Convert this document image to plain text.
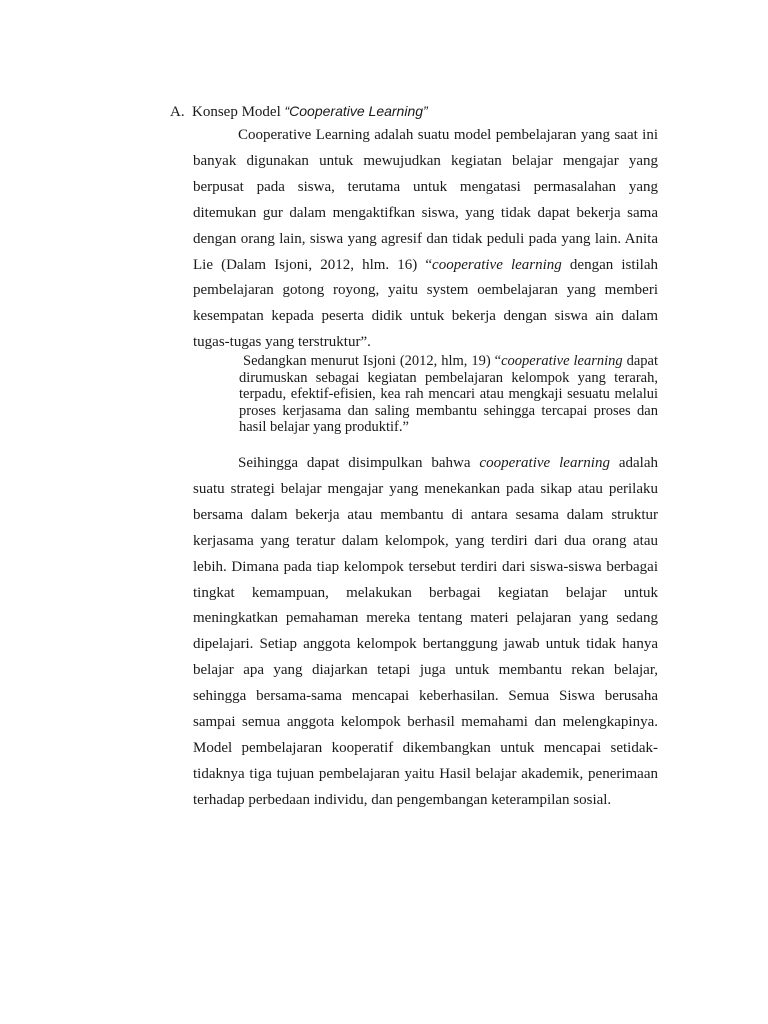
A. Konsep Model “Cooperative Learning”

Cooperative Learning adalah suatu model pembelajaran yang saat ini banyak digunakan untuk mewujudkan kegiatan belajar mengajar yang berpusat pada siswa, terutama untuk mengatasi permasalahan yang ditemukan gur dalam mengaktifkan siswa, yang tidak dapat bekerja sama dengan orang lain, siswa yang agresif dan tidak peduli pada yang lain. Anita Lie (Dalam Isjoni, 2012, hlm. 16) “cooperative learning dengan istilah pembelajaran gotong royong, yaitu system oembelajaran yang memberi kesempatan kepada peserta didik untuk bekerja dengan siswa ain dalam tugas-tugas yang terstruktur”.

Sedangkan menurut Isjoni (2012, hlm, 19) “cooperative learning dapat dirumuskan sebagai kegiatan pembelajaran kelompok yang terarah, terpadu, efektif-efisien, kea rah mencari atau mengkaji sesuatu melalui proses kerjasama dan saling membantu sehingga tercapai proses dan hasil belajar yang produktif.”

Seihingga dapat disimpulkan bahwa cooperative learning adalah suatu strategi belajar mengajar yang menekankan pada sikap atau perilaku bersama dalam bekerja atau membantu di antara sesama dalam struktur kerjasama yang teratur dalam kelompok, yang terdiri dari dua orang atau lebih. Dimana pada tiap kelompok tersebut terdiri dari siswa-siswa berbagai tingkat kemampuan, melakukan berbagai kegiatan belajar untuk meningkatkan pemahaman mereka tentang materi pelajaran yang sedang dipelajari. Setiap anggota kelompok bertanggung jawab untuk tidak hanya belajar apa yang diajarkan tetapi juga untuk membantu rekan belajar, sehingga bersama-sama mencapai keberhasilan. Semua Siswa berusaha sampai semua anggota kelompok berhasil memahami dan melengkapinya. Model pembelajaran kooperatif dikembangkan untuk mencapai setidak-tidaknya tiga tujuan pembelajaran yaitu Hasil belajar akademik, penerimaan terhadap perbedaan individu, dan pengembangan keterampilan sosial.
